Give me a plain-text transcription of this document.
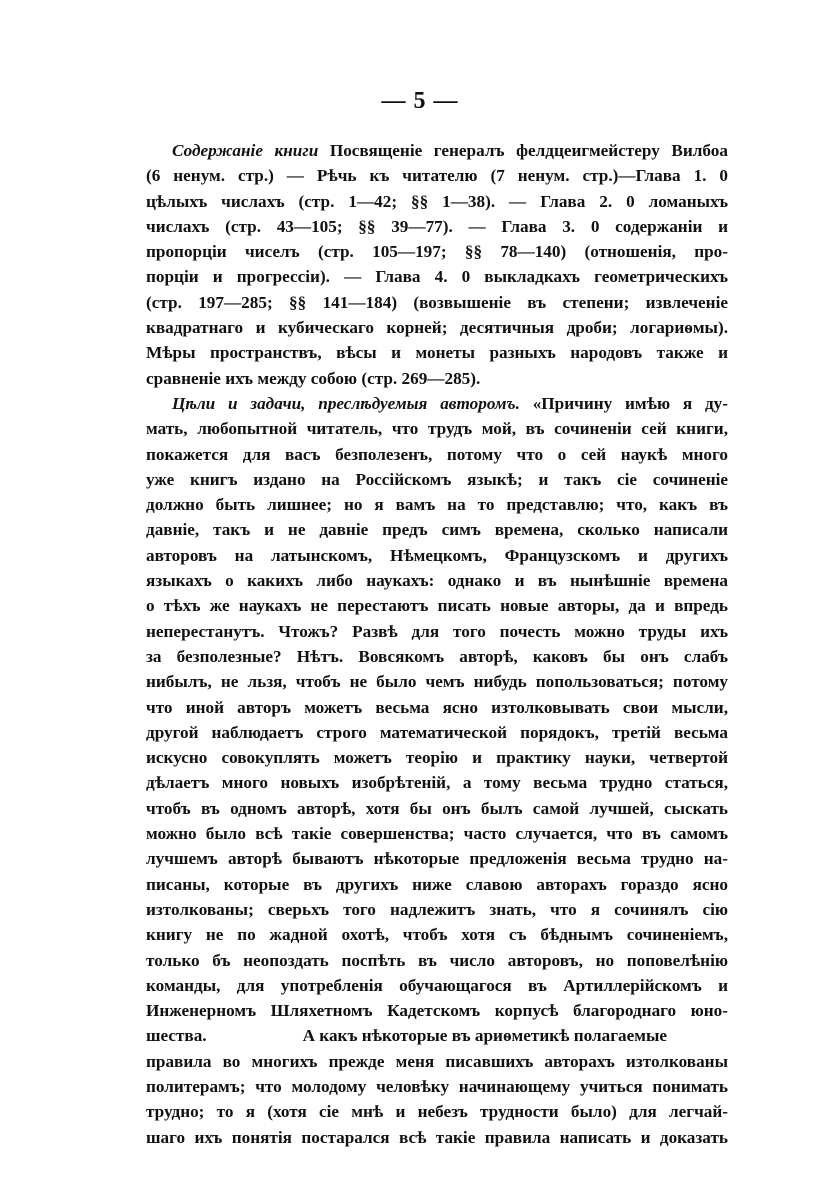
— 5 —
Содержаніе книги Посвященіе генералъ фелдцеигмейстеру Вилбоа
(6 ненум. стр.) — Рѣчь къ читателю (7 ненум. стр.)—Глава 1. 0
цѣлыхъ числахъ (стр. 1—42; §§ 1—38). — Глава 2. 0 ломаныхъ
числахъ (стр. 43—105; §§ 39—77). — Глава 3. 0 содержаніи и
пропорціи чиселъ (стр. 105—197; §§ 78—140) (отношенія, про-
порціи и прогрессіи). — Глава 4. 0 выкладкахъ геометрическихъ
(стр. 197—285; §§ 141—184) (возвышеніе въ степени; извлеченіе
квадратнаго и кубическаго корней; десятичныя дроби; логариѳмы).
Мѣры пространствъ, вѣсы и монеты разныхъ народовъ также и
сравненіе ихъ между собою (стр. 269—285).
Цѣли и задачи, преслѣдуемыя авторомъ. «Причину имѣю я ду-
мать, любопытной читатель, что трудъ мой, въ сочиненіи сей книги,
покажется для васъ безполезенъ, потому что о сей наукѣ много
уже книгъ издано на Россійскомъ языкѣ; и такъ сіе сочиненіе
должно быть лишнее; но я вамъ на то представлю; что, какъ въ
давніе, такъ и не давніе предъ симъ времена, сколько написали
авторовъ на латынскомъ, Нѣмецкомъ, Французскомъ и другихъ
языкахъ о какихъ либо наукахъ: однако и въ нынѣшніе времена
о тѣхъ же наукахъ не перестаютъ писать новые авторы, да и впредь
неперестанутъ. Чтожъ? Развѣ для того почесть можно труды ихъ
за безполезные? Нѣтъ. Вовсякомъ авторѣ, каковъ бы онъ слабъ
нибылъ, не льзя, чтобъ не было чемъ нибудь попользоваться; потому
что иной авторъ можетъ весьма ясно изтолковывать свои мысли,
другой наблюдаетъ строго математической порядокъ, третій весьма
искусно совокуплять можетъ теорію и практику науки, четвертой
дѣлаетъ много новыхъ изобрѣтеній, а тому весьма трудно статься,
чтобъ въ одномъ авторѣ, хотя бы онъ былъ самой лучшей, сыскать
можно было всѣ такіе совершенства; часто случается, что въ самомъ
лучшемъ авторѣ бываютъ нѣкоторые предложенія весьма трудно на-
писаны, которые въ другихъ ниже славою авторахъ гораздо ясно
изтолкованы; сверьхъ того надлежитъ знать, что я сочинялъ сію
книгу не по жадной охотѣ, чтобъ хотя съ бѣднымъ сочиненіемъ,
только бъ неопоздать поспѣть въ число авторовъ, но поповелѣнію
команды, для употребленія обучающагося въ Артиллерійскомъ и
Инженерномъ Шляхетномъ Кадетскомъ корпусѣ благороднаго юно-
шества.	А какъ нѣкоторые въ ариѳметикѣ полагаемые
правила во многихъ прежде меня писавшихъ авторахъ изтолкованы
политерамъ; что молодому человѣку начинающему учиться понимать
трудно; то я (хотя сіе мнѣ и небезъ трудности было) для легчай-
шаго ихъ понятія постарался всѣ такіе правила написать и доказать
